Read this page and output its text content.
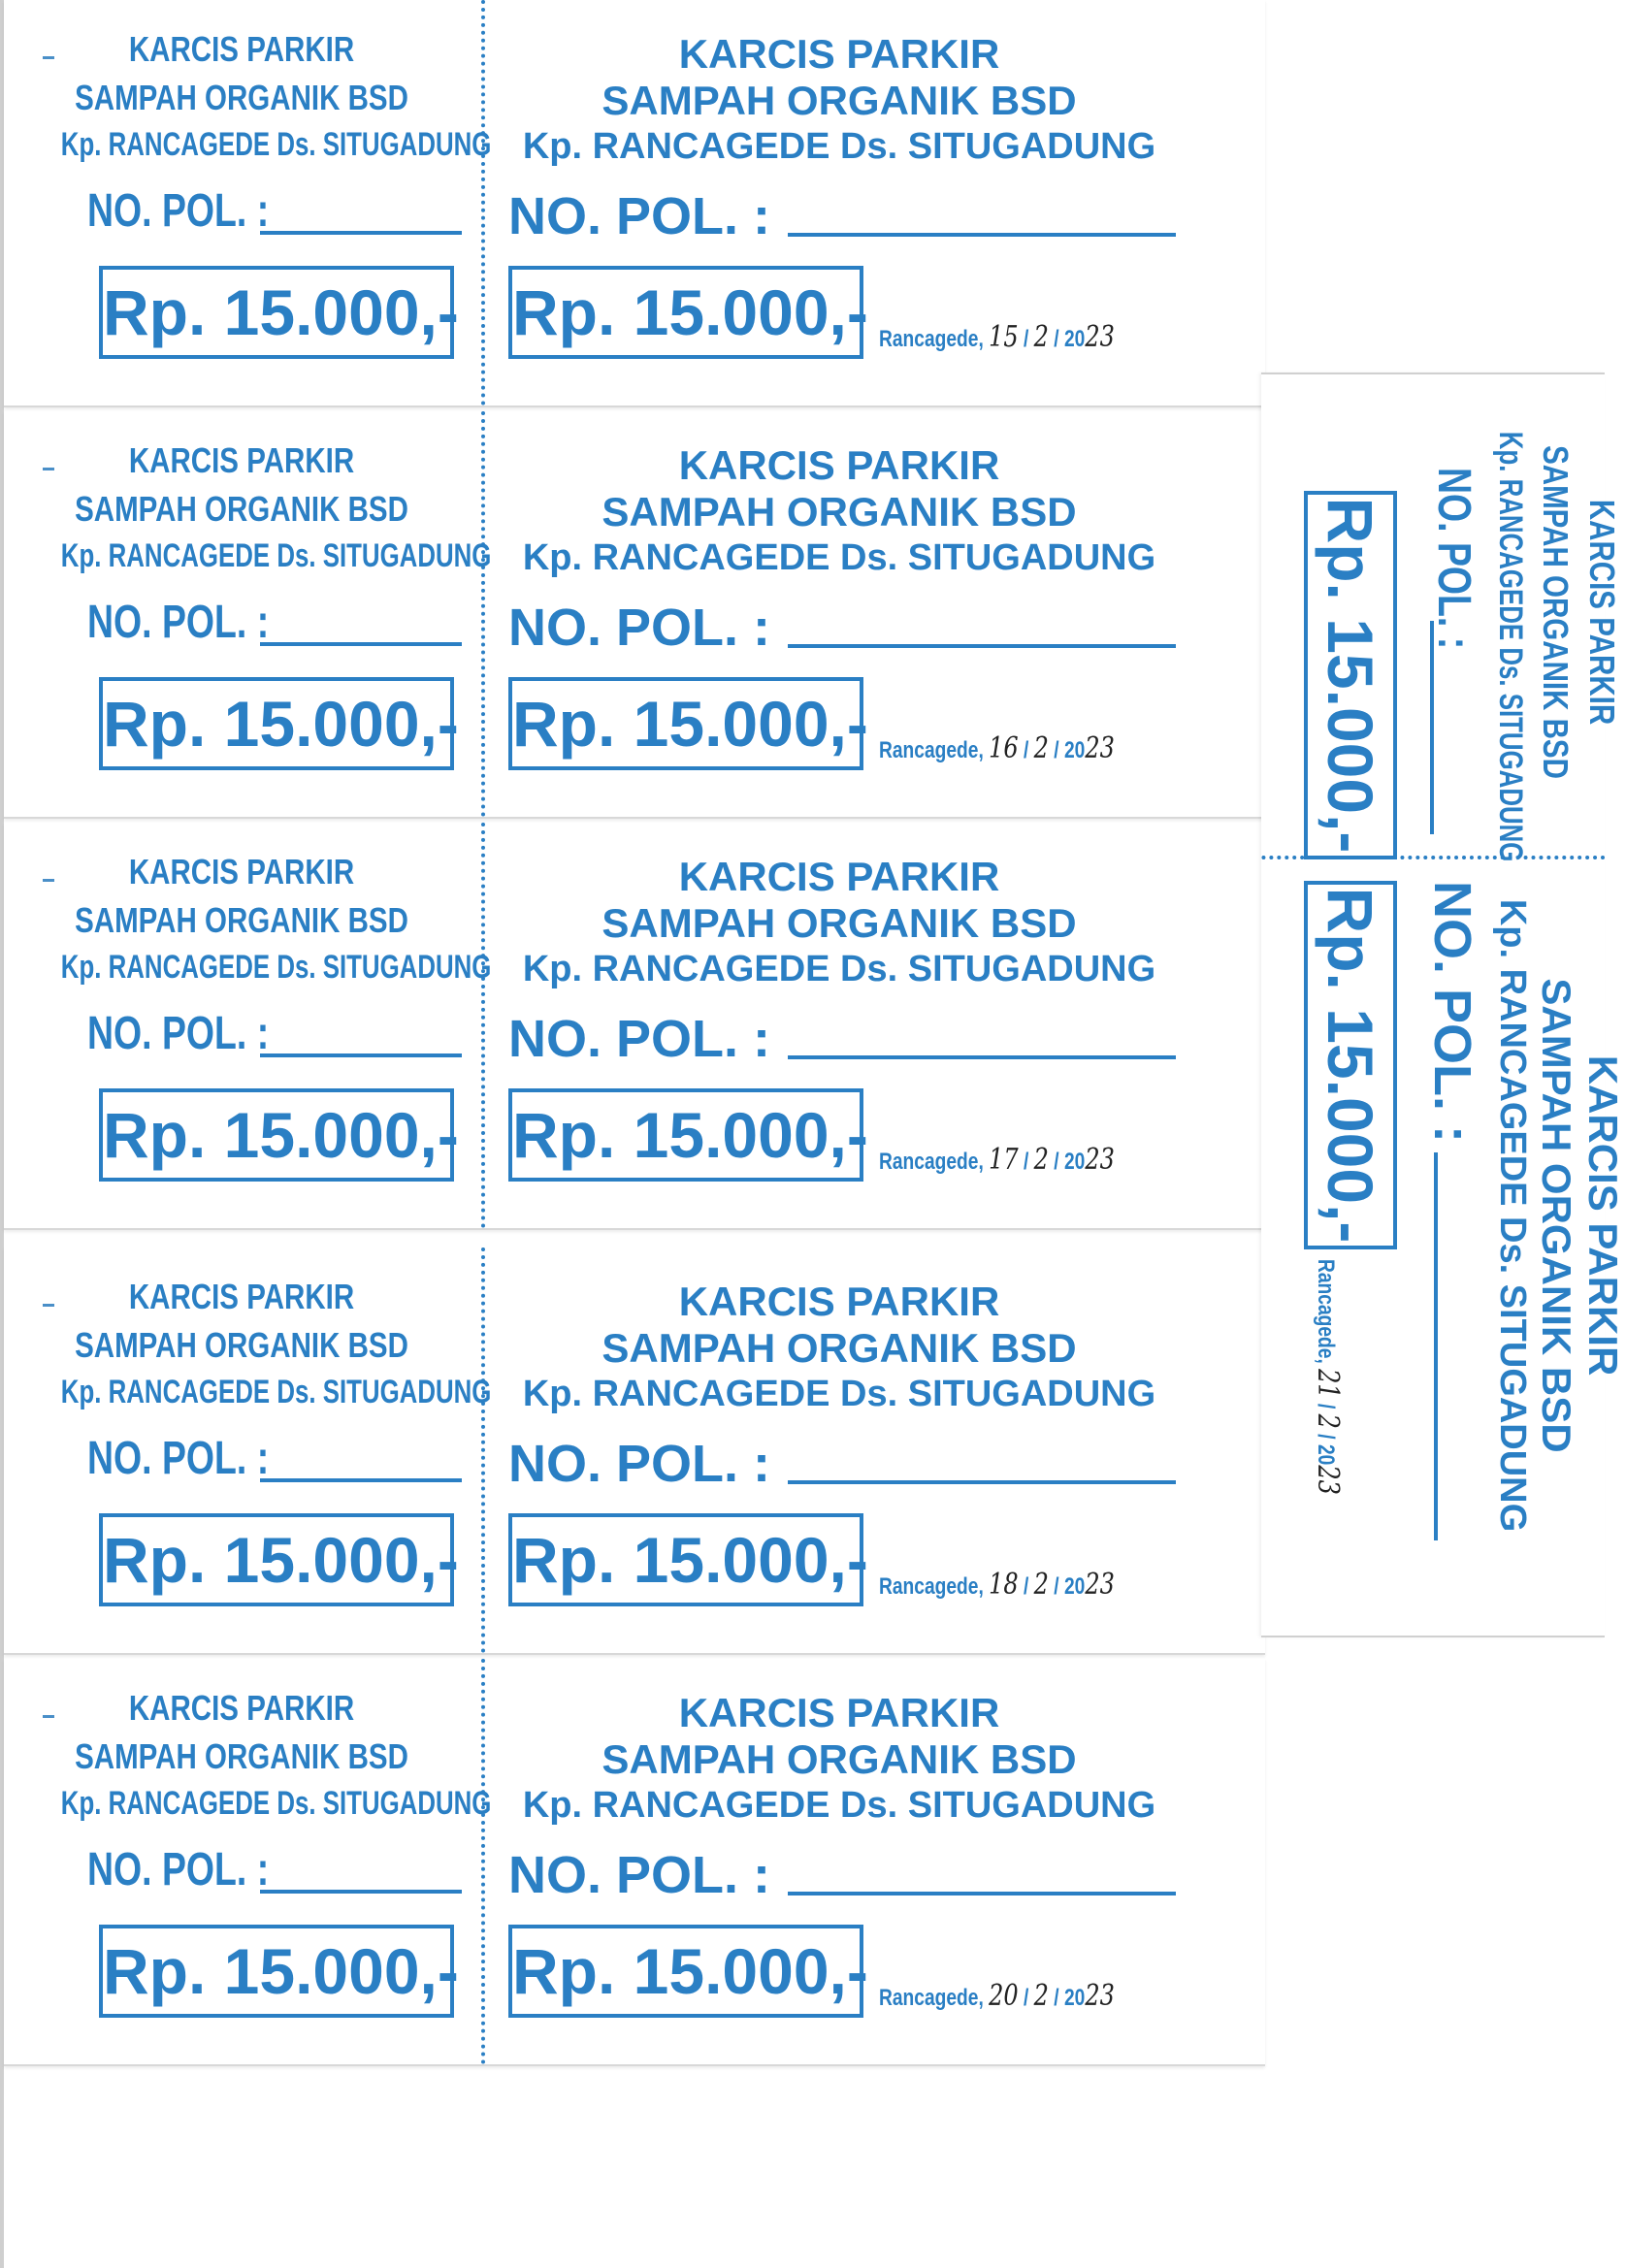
KARCIS PARKIR
SAMPAH ORGANIK BSD
Kp. RANCAGEDE Ds. SITUGADUNG
NO. POL. :
Rp. 15.000,-
KARCIS PARKIR
SAMPAH ORGANIK BSD
Kp. RANCAGEDE Ds. SITUGADUNG
NO. POL. :
Rp. 15.000,- Rancagede, 15 / 2 / 2023
KARCIS PARKIR
SAMPAH ORGANIK BSD
Kp. RANCAGEDE Ds. SITUGADUNG
NO. POL. :
Rp. 15.000,-
KARCIS PARKIR
SAMPAH ORGANIK BSD
Kp. RANCAGEDE Ds. SITUGADUNG
NO. POL. :
Rp. 15.000,- Rancagede, 16 / 2 / 2023
KARCIS PARKIR
SAMPAH ORGANIK BSD
Kp. RANCAGEDE Ds. SITUGADUNG
NO. POL. :
Rp. 15.000,-
KARCIS PARKIR
SAMPAH ORGANIK BSD
Kp. RANCAGEDE Ds. SITUGADUNG
NO. POL. :
Rp. 15.000,- Rancagede, 17 / 2 / 2023
KARCIS PARKIR
SAMPAH ORGANIK BSD
Kp. RANCAGEDE Ds. SITUGADUNG
NO. POL. :
Rp. 15.000,-
KARCIS PARKIR
SAMPAH ORGANIK BSD
Kp. RANCAGEDE Ds. SITUGADUNG
NO. POL. :
Rp. 15.000,- Rancagede, 18 / 2 / 2023
KARCIS PARKIR
SAMPAH ORGANIK BSD
Kp. RANCAGEDE Ds. SITUGADUNG
NO. POL. :
Rp. 15.000,-
KARCIS PARKIR
SAMPAH ORGANIK BSD
Kp. RANCAGEDE Ds. SITUGADUNG
NO. POL. :
Rp. 15.000,- Rancagede, 20 / 2 / 2023
KARCIS PARKIR
SAMPAH ORGANIK BSD
Kp. RANCAGEDE Ds. SITUGADUNG
NO. POL. :
Rp. 15.000,-
KARCIS PARKIR
SAMPAH ORGANIK BSD
Kp. RANCAGEDE Ds. SITUGADUNG
NO. POL. :
Rp. 15.000,-
Rancagede, 21 / 2 / 2023
